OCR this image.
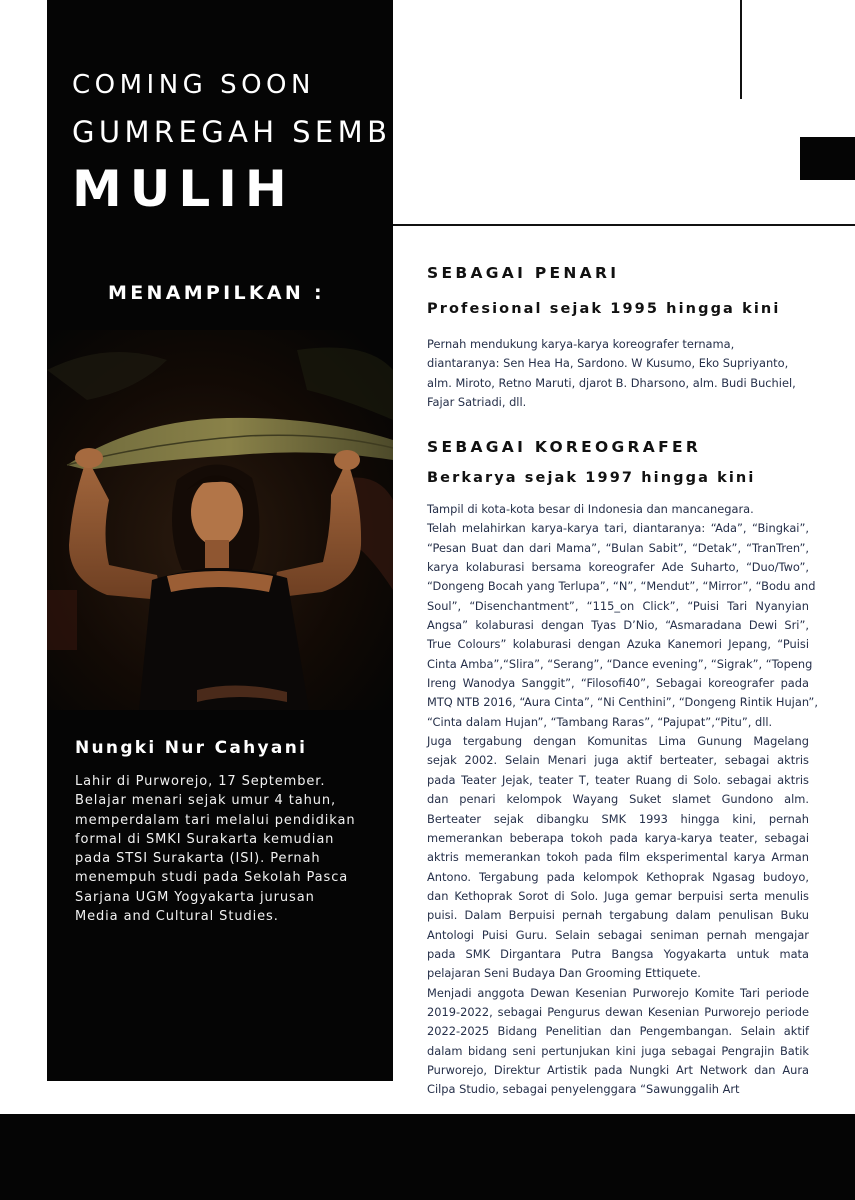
COMING SOON
GUMREGAH SEMBIR 2023
MULIH
MENAMPILKAN :
Nungki Nur Cahyani
Lahir di Purworejo, 17 September.
Belajar menari sejak umur 4 tahun,
memperdalam tari melalui pendidikan
formal di SMKI Surakarta kemudian
pada STSI Surakarta (ISI). Pernah
menempuh studi pada Sekolah Pasca
Sarjana UGM Yogyakarta jurusan
Media and Cultural Studies.
SEBAGAI PENARI
Profesional sejak 1995 hingga kini
Pernah mendukung karya-karya koreografer ternama,
diantaranya: Sen Hea Ha, Sardono. W Kusumo, Eko Supriyanto,
alm. Miroto, Retno Maruti, djarot B. Dharsono, alm. Budi Buchiel,
Fajar Satriadi, dll.
SEBAGAI KOREOGRAFER
Berkarya sejak 1997 hingga kini
Tampil di kota-kota besar di Indonesia dan mancanegara.
Telah melahirkan karya-karya tari, diantaranya: “Ada”, “Bingkai”,
“Pesan Buat dan dari Mama”, “Bulan Sabit”, “Detak”, “TranTren”,
karya kolaburasi bersama koreografer Ade Suharto, “Duo/Two”,
“Dongeng Bocah yang Terlupa”, “N”, “Mendut”, “Mirror”, “Bodu and
Soul”, “Disenchantment”, “115_on Click”, “Puisi Tari Nyanyian
Angsa” kolaburasi dengan Tyas D’Nio, “Asmaradana Dewi Sri”,
True Colours” kolaburasi dengan Azuka Kanemori Jepang, “Puisi
Cinta Amba”,“Slira”, “Serang”, “Dance evening”, “Sigrak”, “Topeng
Ireng Wanodya Sanggit”, “Filosofi40”, Sebagai koreografer pada
MTQ NTB 2016, “Aura Cinta”, “Ni Centhini”, “Dongeng Rintik Hujan”,
“Cinta dalam Hujan”, “Tambang Raras”, “Pajupat”,“Pitu”, dll.
Juga tergabung dengan Komunitas Lima Gunung Magelang
sejak 2002. Selain Menari juga aktif berteater, sebagai aktris
pada Teater Jejak, teater T, teater Ruang di Solo. sebagai aktris
dan penari kelompok Wayang Suket slamet Gundono alm.
Berteater sejak dibangku SMK 1993 hingga kini, pernah
memerankan beberapa tokoh pada karya-karya teater, sebagai
aktris memerankan tokoh pada film eksperimental karya Arman
Antono. Tergabung pada kelompok Kethoprak Ngasag budoyo,
dan Kethoprak Sorot di Solo. Juga gemar berpuisi serta menulis
puisi. Dalam Berpuisi pernah tergabung dalam penulisan Buku
Antologi Puisi Guru. Selain sebagai seniman pernah mengajar
pada SMK Dirgantara Putra Bangsa Yogyakarta untuk mata
pelajaran Seni Budaya Dan Grooming Ettiquete.
Menjadi anggota Dewan Kesenian Purworejo Komite Tari periode
2019-2022, sebagai Pengurus dewan Kesenian Purworejo periode
2022-2025 Bidang Penelitian dan Pengembangan. Selain aktif
dalam bidang seni pertunjukan kini juga sebagai Pengrajin Batik
Purworejo, Direktur Artistik pada Nungki Art Network dan Aura
Cilpa Studio, sebagai penyelenggara “Sawunggalih Art
